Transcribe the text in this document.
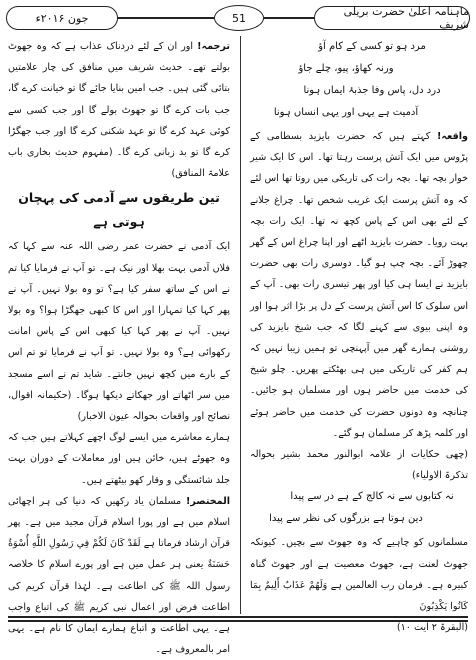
ماہنامہ اعلیٰ حضرت بریلی شریف
51
جون ۲۰۱۶ء
مرد ہو تو کسی کے کام آؤ
ورنہ کھاؤ، پیو، چلے جاؤ
درد دل، پاس وفا جذبۂ ایماں ہونا
آدمیت ہے یہی اور یہی انساں ہونا

واقعہ! کہتے ہیں کہ حضرت بایزید بسطامی کے پڑوس میں ایک آتش پرست رہتا تھا۔ اس کا ایک شیر خوار بچہ تھا۔ بچہ رات کی تاریکی میں روتا تھا اس لئے کہ وہ آتش پرست ایک غریب شخص تھا۔ چراغ جلانے کے لئے بھی اس کے پاس کچھ نہ تھا۔ ایک رات بچہ بہت رویا۔ حضرت بایزید اٹھے اور اپنا چراغ اس کے گھر چھوڑ آئے۔ بچہ چپ ہو گیا۔ دوسری رات بھی حضرت بایزید نے ایسا ہی کیا اور پھر تیسری رات بھی۔ آپ کے اس سلوک کا اس آتش پرست کے دل پر بڑا اثر ہوا اور وہ اپنی بیوی سے کہنے لگا کہ جب شیخ بایزید کی روشنی ہمارے گھر میں آپہنچی تو ہمیں زیبا نہیں کہ ہم کفر کی تاریکی میں ہی بھٹکتے پھریں۔ چلو شیخ کی خدمت میں حاضر ہوں اور مسلمان ہو جائیں۔ چنانچہ وہ دونوں حضرت کی خدمت میں حاضر ہوئے اور کلمہ پڑھ کر مسلمان ہو گئے۔

(چھی حکایات از علامہ ابوالنور محمد بشیر بحوالہ تذکرۃ الاولیاء)

نہ کتابوں سے نہ کالج کے ہے در سے پیدا
دین ہوتا ہے بزرگوں کی نظر سے پیدا

مسلمانوں کو چاہیے کہ وہ جھوٹ سے بچیں۔ کیونکہ جھوٹ لعنت ہے، جھوٹ معصیت ہے اور جھوٹ گناہ کبیرہ ہے۔ فرمان رب العالمین ہے وَلَهُمْ عَذَابٌ أَلِيمٌ بِمَا كَانُوا يَكْذِبُونَ

(البقرۃ ۲ آیت ۱۰)

ترجمہ! اور ان کے لئے دردناک عذاب ہے کہ وہ جھوٹ بولتے تھے۔ حدیث شریف میں منافق کی چار علامتیں بتائی گئی ہیں۔ جب امین بنایا جائے گا تو خیانت کرے گا، جب بات کرے گا تو جھوٹ بولے گا اور جب کسی سے کوئی عہد کرے گا تو عہد شکنی کرے گا اور جب جھگڑا کرے گا تو بد زبانی کرے گا۔ (مفہوم حدیث بخاری باب علامۃ المنافق)

تین طریقوں سے آدمی کی پہچان ہوتی ہے

ایک آدمی نے حضرت عمر رضی اللہ عنہ سے کہا کہ فلاں آدمی بہت بھلا اور نیک ہے۔ تو آپ نے فرمایا کیا تم نے اس کے ساتھ سفر کیا ہے؟ تو وہ بولا نہیں۔ آپ نے پھر کہا کیا تمہارا اور اس کا کبھی جھگڑا ہوا؟ وہ بولا نہیں۔ آپ نے پھر کہا کیا کبھی اس کے پاس امانت رکھوائی ہے؟ وہ بولا نہیں۔ تو آپ نے فرمایا تو تم اس کے بارے میں کچھ نہیں جانتے۔ شاید تم نے اسے مسجد میں سر اٹھاتے اور جھکاتے دیکھا ہوگا۔ (حکیمانہ اقوال، نصائح اور واقعات بحوالہ عیون الاخبار)

ہمارے معاشرے میں ایسے لوگ اچھے کہلاتے ہیں جب کہ وہ جھوٹے ہیں، خائن ہیں اور معاملات کے دوران بہت جلد شائستگی و وقار کھو بیٹھتے ہیں۔

المختصر! مسلمان یاد رکھیں کہ دنیا کی ہر اچھائی اسلام میں ہے اور پورا اسلام قرآن مجید میں ہے۔ پھر قرآن ارشاد فرماتا ہے لَقَدْ كَانَ لَكُمْ فِي رَسُولِ اللَّهِ أُسْوَةٌ حَسَنَةٌ یعنی ہر عمل میں ہے اور پورے اسلام کا خلاصہ رسول اللہ ﷺ کی اطاعت ہے۔ لہٰذا قرآن کریم کی اطاعت فرض اور اعمال نبی کریم ﷺ کی اتباع واجب ہے۔ یہی اطاعت و اتباع ہمارے ایمان کا نام ہے۔ یہی امر بالمعروف ہے۔
